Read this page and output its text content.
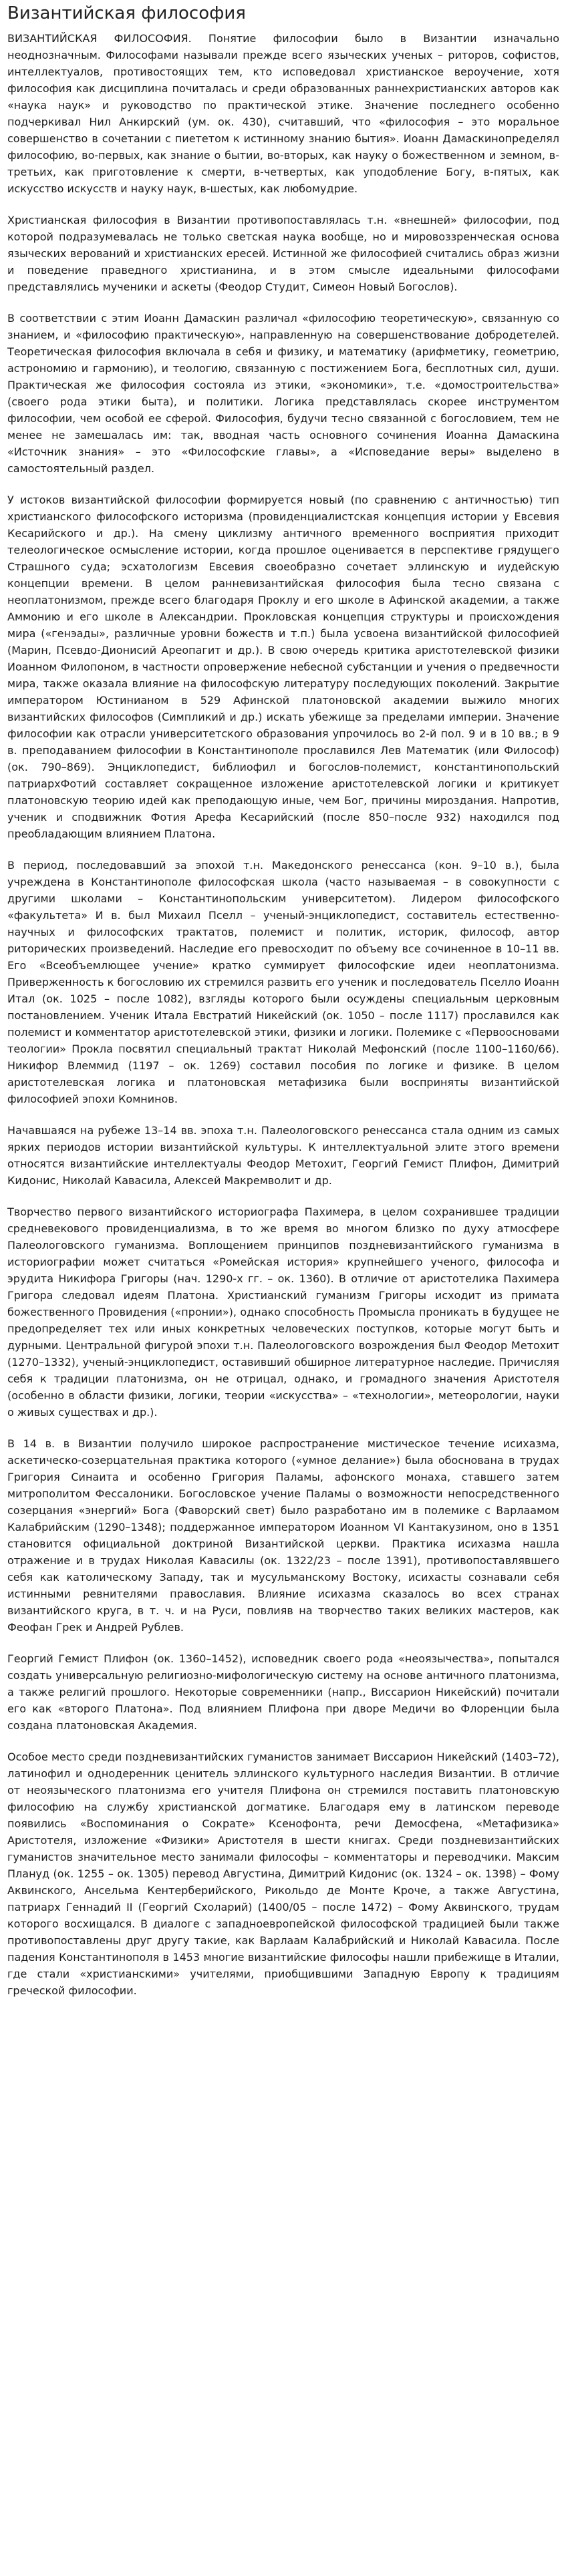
Византийская философия

ВИЗАНТИЙСКАЯ ФИЛОСОФИЯ. Понятие философии было в Византии изначально неоднозначным. Философами называли прежде всего языческих ученых – риторов, софистов, интеллектуалов, противостоящих тем, кто исповедовал христианское вероучение, хотя философия как дисциплина почиталась и среди образованных раннехристианских авторов как «наука наук» и руководство по практической этике. Значение последнего особенно подчеркивал Нил Анкирский (ум. ок. 430), считавший, что «философия – это моральное совершенство в сочетании с пиететом к истинному знанию бытия». Иоанн Дамаскинопределял философию, во-первых, как знание о бытии, во-вторых, как науку о божественном и земном, в-третьих, как приготовление к смерти, в-четвертых, как уподобление Богу, в-пятых, как искусство искусств и науку наук, в-шестых, как любомудрие.

Христианская философия в Византии противопоставлялась т.н. «внешней» философии, под которой подразумевалась не только светская наука вообще, но и мировоззренческая основа языческих верований и христианских ересей. Истинной же философией считались образ жизни и поведение праведного христианина, и в этом смысле идеальными философами представлялись мученики и аскеты (Феодор Студит, Симеон Новый Богослов).

В соответствии с этим Иоанн Дамаскин различал «философию теоретическую», связанную со знанием, и «философию практическую», направленную на совершенствование добродетелей. Теоретическая философия включала в себя и физику, и математику (арифметику, геометрию, астрономию и гармонию), и теологию, связанную с постижением Бога, бесплотных сил, души. Практическая же философия состояла из этики, «экономики», т.е. «домостроительства» (своего рода этики быта), и политики. Логика представлялась скорее инструментом философии, чем особой ее сферой. Философия, будучи тесно связанной с богословием, тем не менее не замешалась им: так, вводная часть основного сочинения Иоанна Дамаскина «Источник знания» – это «Философские главы», а «Исповедание веры» выделено в самостоятельный раздел.

У истоков византийской философии формируется новый (по сравнению с античностью) тип христианского философского историзма (провиденциалистская концепция истории у Евсевия Кесарийского и др.). На смену циклизму античного временного восприятия приходит телеологическое осмысление истории, когда прошлое оценивается в перспективе грядущего Страшного суда; эсхатологизм Евсевия своеобразно сочетает эллинскую и иудейскую концепции времени. В целом ранневизантийская философия была тесно связана с неоплатонизмом, прежде всего благодаря Проклу и его школе в Афинской академии, а также Аммонию и его школе в Александрии. Прокловская концепция структуры и происхождения мира («генэады», различные уровни божеств и т.п.) была усвоена византийской философией (Марин, Псевдо-Дионисий Ареопагит и др.). В свою очередь критика аристотелевской физики Иоанном Филопоном, в частности опровержение небесной субстанции и учения о предвечности мира, также оказала влияние на философскую литературу последующих поколений. Закрытие императором Юстинианом в 529 Афинской платоновской академии выжило многих византийских философов (Симпликий и др.) искать убежище за пределами империи. Значение философии как отрасли университетского образования упрочилось во 2-й пол. 9 и в 10 вв.; в 9 в. преподаванием философии в Константинополе прославился Лев Математик (или Философ) (ок. 790–869). Энциклопедист, библиофил и богослов-полемист, константинопольский патриархФотий составляет сокращенное изложение аристотелевской логики и критикует платоновскую теорию идей как преподающую иные, чем Бог, причины мироздания. Напротив, ученик и сподвижник Фотия Арефа Кесарийский (после 850–после 932) находился под преобладающим влиянием Платона.

В период, последовавший за эпохой т.н. Македонского ренессанса (кон. 9–10 в.), была учреждена в Константинополе философская школа (часто называемая – в совокупности с другими школами – Константинопольским университетом). Лидером философского «факультета» И в. был Михаил Пселл – ученый-энциклопедист, составитель естественно-научных и философских трактатов, полемист и политик, историк, философ, автор риторических произведений. Наследие его превосходит по объему все сочиненное в 10–11 вв. Его «Всеобъемлющее учение» кратко суммирует философские идеи неоплатонизма. Приверженность к богословию их стремился развить его ученик и последователь Пселло Иоанн Итал (ок. 1025 – после 1082), взгляды которого были осуждены специальным церковным постановлением. Ученик Итала Евстратий Никейский (ок. 1050 – после 1117) прославился как полемист и комментатор аристотелевской этики, физики и логики. Полемике с «Первоосновами теологии» Прокла посвятил специальный трактат Николай Мефонский (после 1100–1160/66). Никифор Влеммид (1197 – ок. 1269) составил пособия по логике и физике. В целом аристотелевская логика и платоновская метафизика были восприняты византийской философией эпохи Комнинов.

Начавшаяся на рубеже 13–14 вв. эпоха т.н. Палеологовского ренессанса стала одним из самых ярких периодов истории византийской культуры. К интеллектуальной элите этого времени относятся византийские интеллектуалы Феодор Метохит, Георгий Гемист Плифон, Димитрий Кидонис, Николай Кавасила, Алексей Макремволит и др.

Творчество первого византийского историографа Пахимера, в целом сохранившее традиции средневекового провиденциализма, в то же время во многом близко по духу атмосфере Палеологовского гуманизма. Воплощением принципов поздневизантийского гуманизма в историографии может считаться «Ромейская история» крупнейшего ученого, философа и эрудита Никифора Григоры (нач. 1290-х гг. – ок. 1360). В отличие от аристотелика Пахимера Григора следовал идеям Платона. Христианский гуманизм Григоры исходит из примата божественного Провидения («пронии»), однако способность Промысла проникать в будущее не предопределяет тех или иных конкретных человеческих поступков, которые могут быть и дурными. Центральной фигурой эпохи т.н. Палеологовского возрождения был Феодор Метохит (1270–1332), ученый-энциклопедист, оставивший обширное литературное наследие. Причисляя себя к традиции платонизма, он не отрицал, однако, и громадного значения Аристотеля (особенно в области физики, логики, теории «искусства» – «технологии», метеорологии, науки о живых существах и др.).

В 14 в. в Византии получило широкое распространение мистическое течение исихазма, аскетическо-созерцательная практика которого («умное делание») была обоснована в трудах Григория Синаита и особенно Григория Паламы, афонского монаха, ставшего затем митрополитом Фессалоники. Богословское учение Паламы о возможности непосредственного созерцания «энергий» Бога (Фаворский свет) было разработано им в полемике с Варлаамом Калабрийским (1290–1348); поддержанное императором Иоанном VI Кантакузином, оно в 1351 становится официальной доктриной Византийской церкви. Практика исихазма нашла отражение и в трудах Николая Кавасилы (ок. 1322/23 – после 1391), противопоставлявшего себя как католическому Западу, так и мусульманскому Востоку, исихасты сознавали себя истинными ревнителями православия. Влияние исихазма сказалось во всех странах византийского круга, в т. ч. и на Руси, повлияв на творчество таких великих мастеров, как Феофан Грек и Андрей Рублев.

Георгий Гемист Плифон (ок. 1360–1452), исповедник своего рода «неоязычества», попытался создать универсальную религиозно-мифологическую систему на основе античного платонизма, а также религий прошлого. Некоторые современники (напр., Виссарион Никейский) почитали его как «второго Платона». Под влиянием Плифона при дворе Медичи во Флоренции была создана платоновская Академия.

Особое место среди поздневизантийских гуманистов занимает Виссарион Никейский (1403–72), латинофил и однодеренник ценитель эллинского культурного наследия Византии. В отличие от неоязыческого платонизма его учителя Плифона он стремился поставить платоновскую философию на службу христианской догматике. Благодаря ему в латинском переводе появились «Воспоминания о Сократе» Ксенофонта, речи Демосфена, «Метафизика» Аристотеля, изложение «Физики» Аристотеля в шести книгах. Среди поздневизантийских гуманистов значительное место занимали философы – комментаторы и переводчики. Максим Плануд (ок. 1255 – ок. 1305) перевод Августина, Димитрий Кидонис (ок. 1324 – ок. 1398) – Фому Аквинского, Ансельма Кентерберийского, Рикольдо де Монте Кроче, а также Августина, патриарх Геннадий II (Георгий Схоларий) (1400/05 – после 1472) – Фому Аквинского, трудам которого восхищался. В диалоге с западноевропейской философской традицией были также противопоставлены друг другу такие, как Варлаам Калабрийский и Николай Кавасила. После падения Константинополя в 1453 многие византийские философы нашли прибежище в Италии, где стали «христианскими» учителями, приобщившими Западную Европу к традициям греческой философии.
